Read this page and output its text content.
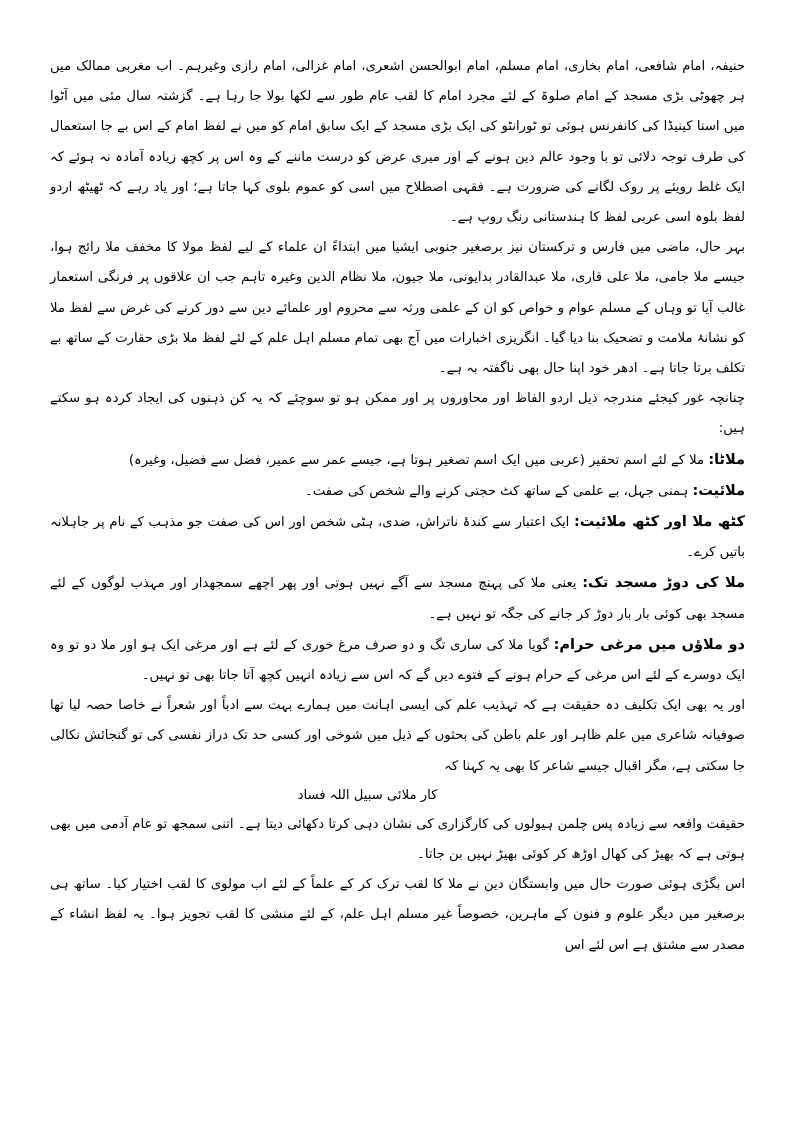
حنیفہ، امام شافعی، امام بخاری، امام مسلم، امام ابوالحسن اشعری، امام غزالی، امام رازی وغیرہم۔ اب مغربی ممالک میں ہر چھوٹی بڑی مسجد کے امام صلوۃ کے لئے مجرد امام کا لقب عام طور سے لکھا بولا جا رہا ہے۔ گزشتہ سال مئی میں آٹوا میں اسنا کینیڈا کی کانفرنس ہوئی تو ٹورانٹو کی ایک بڑی مسجد کے ایک سابق امام کو میں نے لفظ امام کے اس بے جا استعمال کی طرف توجہ دلائی تو با وجود عالم دین ہونے کے اور میری عرض کو درست ماننے کے وہ اس پر کچھ زیادہ آمادہ نہ ہوئے کہ ایک غلط رویئے پر روک لگانے کی ضرورت ہے۔ فقہی اصطلاح میں اسی کو عموم بلوی کہا جاتا ہے؛ اور یاد رہے کہ ٹھیٹھ اردو لفظ بلوہ اسی عربی لفظ کا ہندستانی رنگ روپ ہے۔

بہر حال، ماضی میں فارس و ترکستان نیز برصغیر جنوبی ایشیا میں ابتداءً ان علماء کے لیے لفظ مولا کا مخفف ملا رائج ہوا، جیسے ملا جامی، ملا علی قاری، ملا عبدالقادر بدایونی، ملا جیون، ملا نظام الدین وغیرہ تاہم جب ان علاقوں پر فرنگی استعمار غالب آیا تو وہاں کے مسلم عوام و خواص کو ان کے علمی ورثہ سے محروم اور علمائے دین سے دور کرنے کی غرض سے لفظ ملا کو نشانۂ ملامت و تضحیک بنا دیا گیا۔ انگریزی اخبارات میں آج بھی تمام مسلم اہل علم کے لئے لفظ ملا بڑی حقارت کے ساتھ بے تکلف برتا جاتا ہے۔ ادھر خود اپنا حال بھی ناگفتہ بہ ہے۔

چنانچہ غور کیجئے مندرجہ ذیل اردو الفاظ اور محاوروں پر اور ممکن ہو تو سوچئے کہ یہ کن ذہنوں کی ایجاد کردہ ہو سکتے ہیں:

ملاٹا: ملا کے لئے اسم تحقیر (عربی میں ایک اسم تصغیر ہوتا ہے، جیسے عمر سے عمیر، فضل سے فضیل، وغیرہ)

ملائیت: ہمنی جہل، بے علمی کے ساتھ کٹ حجتی کرنے والے شخص کی صفت۔

کٹھ ملا اور کٹھ ملائیت: ایک اعتبار سے کندۂ ناتراش، ضدی، ہٹی شخص اور اس کی صفت جو مذہب کے نام پر جاہلانہ باتیں کرے۔

ملا کی دوڑ مسجد تک: یعنی ملا کی پہنچ مسجد سے آگے نہیں ہوتی اور پھر اچھے سمجھدار اور مہذب لوگوں کے لئے مسجد بھی کوئی بار بار دوڑ کر جانے کی جگہ تو نہیں ہے۔

دو ملاؤں میں مرغی حرام: گویا ملا کی ساری تگ و دو صرف مرغ خوری کے لئے ہے اور مرغی ایک ہو اور ملا دو تو وہ ایک دوسرے کے لئے اس مرغی کے حرام ہونے کے فتوے دیں گے کہ اس سے زیادہ انہیں کچھ آتا جاتا بھی تو نہیں۔

اور یہ بھی ایک تکلیف دہ حقیقت ہے کہ تہذیب علم کی ایسی اہانت میں ہمارے بہت سے ادباً اور شعراً نے خاصا حصہ لیا تھا صوفیانہ شاعری میں علم ظاہر اور علم باطن کی بحثوں کے ذیل میں شوخی اور کسی حد تک دراز نفسی کی تو گنجائش نکالی جا سکتی ہے، مگر اقبال جیسے شاعر کا بھی یہ کہنا کہ

کار ملائی سبیل اللہ فساد

حقیقت واقعہ سے زیادہ پس چلمن ہیولوں کی کارگزاری کی نشان دہی کرتا دکھائی دیتا ہے۔ اتنی سمجھ تو عام آدمی میں بھی ہوتی ہے کہ بھیڑ کی کھال اوڑھ کر کوئی بھیڑ نہیں بن جاتا۔

اس بگڑی ہوئی صورت حال میں وابستگان دین نے ملا کا لقب ترک کر کے علماً کے لئے اب مولوی کا لقب اختیار کیا۔ ساتھ ہی برصغیر میں دیگر علوم و فنون کے ماہرین، خصوصاً غیر مسلم اہل علم، کے لئے منشی کا لقب تجویز ہوا۔ یہ لفظ انشاء کے مصدر سے مشتق ہے اس لئے اس
